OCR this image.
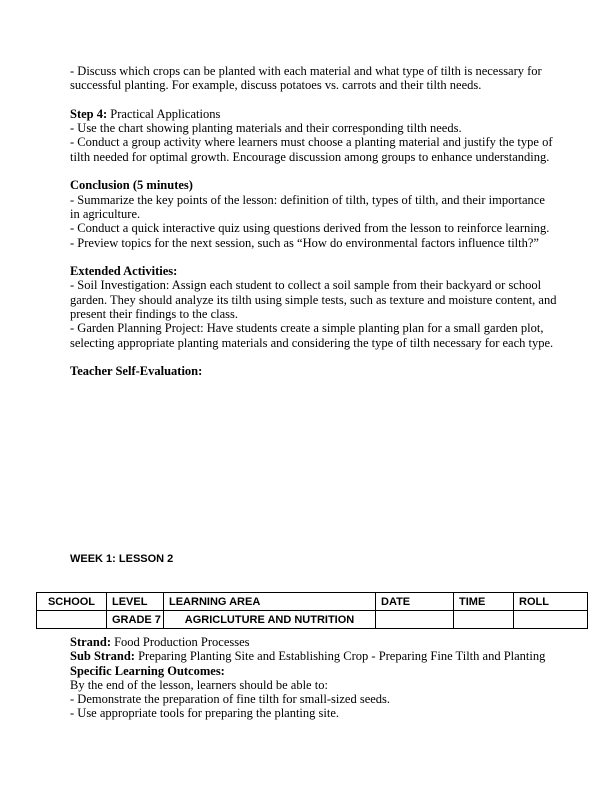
- Discuss which crops can be planted with each material and what type of tilth is necessary for
successful planting. For example, discuss potatoes vs. carrots and their tilth needs.

Step 4: Practical Applications
- Use the chart showing planting materials and their corresponding tilth needs.
- Conduct a group activity where learners must choose a planting material and justify the type of
tilth needed for optimal growth. Encourage discussion among groups to enhance understanding.

Conclusion (5 minutes)
- Summarize the key points of the lesson: definition of tilth, types of tilth, and their importance
in agriculture.
- Conduct a quick interactive quiz using questions derived from the lesson to reinforce learning.
- Preview topics for the next session, such as “How do environmental factors influence tilth?”

Extended Activities:
- Soil Investigation: Assign each student to collect a soil sample from their backyard or school
garden. They should analyze its tilth using simple tests, such as texture and moisture content, and
present their findings to the class.
- Garden Planning Project: Have students create a simple planting plan for a small garden plot,
selecting appropriate planting materials and considering the type of tilth necessary for each type.

Teacher Self-Evaluation:
WEEK 1: LESSON 2
SCHOOL	LEVEL	LEARNING AREA	DATE	TIME	ROLL
	GRADE 7	AGRICLUTURE AND NUTRITION			
Strand: Food Production Processes
Sub Strand: Preparing Planting Site and Establishing Crop - Preparing Fine Tilth and Planting
Specific Learning Outcomes:
By the end of the lesson, learners should be able to:
- Demonstrate the preparation of fine tilth for small-sized seeds.
- Use appropriate tools for preparing the planting site.
